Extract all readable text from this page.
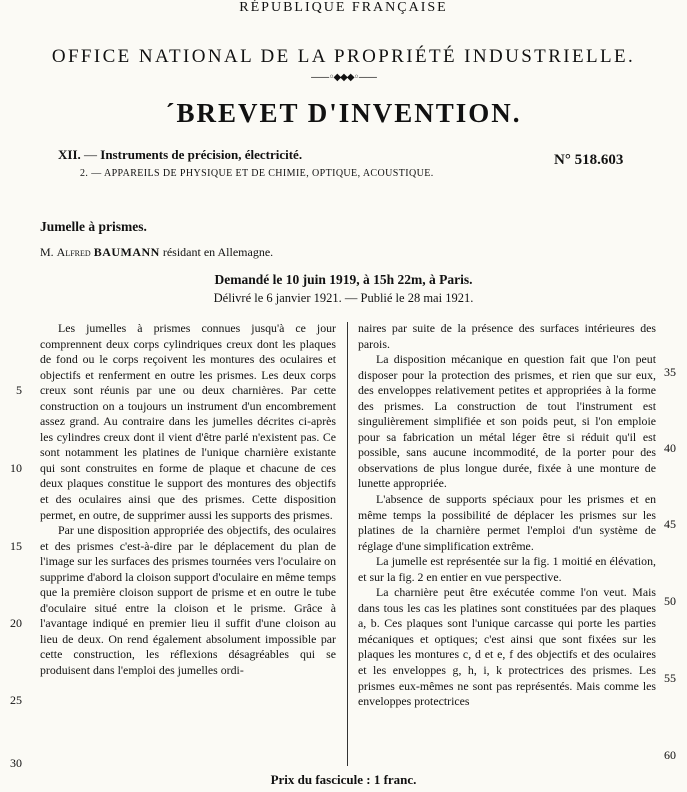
RÉPUBLIQUE FRANÇAISE
OFFICE NATIONAL DE LA PROPRIÉTÉ INDUSTRIELLE.
——◦◆◆◆◦——
´BREVET D'INVENTION.
XII. — Instruments de précision, électricité.
2. — APPAREILS DE PHYSIQUE ET DE CHIMIE, OPTIQUE, ACOUSTIQUE.
N° 518.603
Jumelle à prismes.
M. Alfred BAUMANN résidant en Allemagne.
Demandé le 10 juin 1919, à 15h 22m, à Paris.
Délivré le 6 janvier 1921. — Publié le 28 mai 1921.

Les jumelles à prismes connues jusqu'à ce jour comprennent deux corps cylindriques creux dont les plaques de fond ou le corps reçoivent les montures des oculaires et objectifs et renferment en outre les prismes. Les deux corps creux sont réunis par une ou deux charnières. Par cette construction on a toujours un instrument d'un encombrement assez grand. Au contraire dans les jumelles décrites ci-après les cylindres creux dont il vient d'être parlé n'existent pas. Ce sont notamment les platines de l'unique charnière existante qui sont construites en forme de plaque et chacune de ces deux plaques constitue le support des montures des objectifs et des oculaires ainsi que des prismes. Cette disposition permet, en outre, de supprimer aussi les supports des prismes.

Par une disposition appropriée des objectifs, des oculaires et des prismes c'est-à-dire par le déplacement du plan de l'image sur les surfaces des prismes tournées vers l'oculaire on supprime d'abord la cloison support d'oculaire en même temps que la première cloison support de prisme et en outre le tube d'oculaire situé entre la cloison et le prisme. Grâce à l'avantage indiqué en premier lieu il suffit d'une cloison au lieu de deux. On rend également absolument impossible par cette construction, les réflexions désagréables qui se produisent dans l'emploi des jumelles ordi-

naires par suite de la présence des surfaces intérieures des parois.

La disposition mécanique en question fait que l'on peut disposer pour la protection des prismes, et rien que sur eux, des enveloppes relativement petites et appropriées à la forme des prismes. La construction de tout l'instrument est singulièrement simplifiée et son poids peut, si l'on emploie pour sa fabrication un métal léger être si réduit qu'il est possible, sans aucune incommodité, de la porter pour des observations de plus longue durée, fixée à une monture de lunette appropriée.

L'absence de supports spéciaux pour les prismes et en même temps la possibilité de déplacer les prismes sur les platines de la charnière permet l'emploi d'un système de réglage d'une simplification extrême.

La jumelle est représentée sur la fig. 1 moitié en élévation, et sur la fig. 2 en entier en vue perspective.

La charnière peut être exécutée comme l'on veut. Mais dans tous les cas les platines sont constituées par des plaques a, b. Ces plaques sont l'unique carcasse qui porte les parties mécaniques et optiques; c'est ainsi que sont fixées sur les plaques les montures c, d et e, f des objectifs et des oculaires et les enveloppes g, h, i, k protectrices des prismes. Les prismes eux-mêmes ne sont pas représentés. Mais comme les enveloppes protectrices

5
10
15
20
25
30
35
40
45
50
55
60
Prix du fascicule : 1 franc.
